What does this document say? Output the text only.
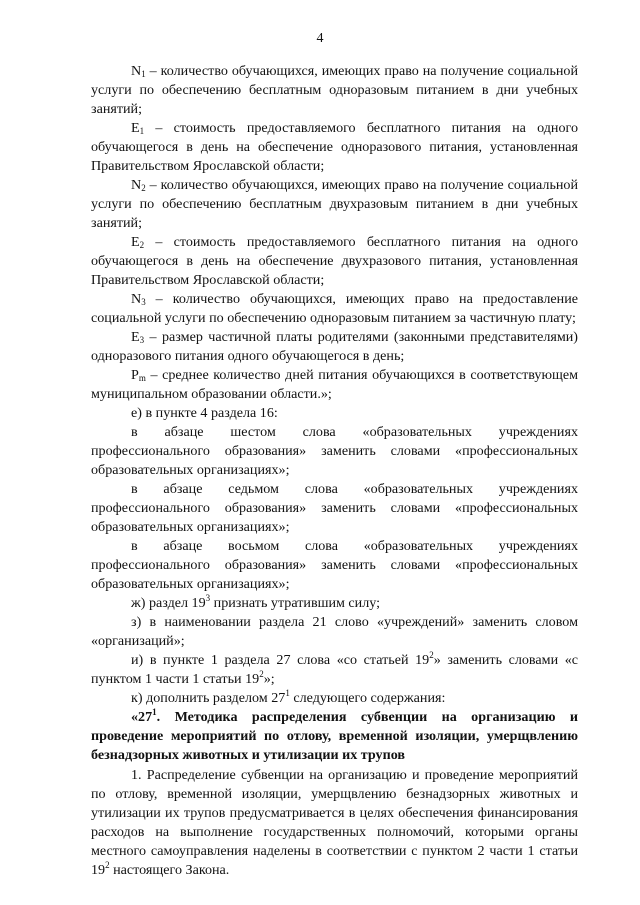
4

$N_1$ – количество обучающихся, имеющих право на получение социальной услуги по обеспечению бесплатным одноразовым питанием в дни учебных занятий;

$E_1$ – стоимость предоставляемого бесплатного питания на одного обучающегося в день на обеспечение одноразового питания, установленная Правительством Ярославской области;

$N_2$ – количество обучающихся, имеющих право на получение социальной услуги по обеспечению бесплатным двухразовым питанием в дни учебных занятий;

$E_2$ – стоимость предоставляемого бесплатного питания на одного обучающегося в день на обеспечение двухразового питания, установленная Правительством Ярославской области;

$N_3$ – количество обучающихся, имеющих право на предоставление социальной услуги по обеспечению одноразовым питанием за частичную плату;

$E_3$ – размер частичной платы родителями (законными представителями) одноразового питания одного обучающегося в день;

$P_m$ – среднее количество дней питания обучающихся в соответствующем муниципальном образовании области.»;

е) в пункте 4 раздела 16:

в абзаце шестом слова «образовательных учреждениях профессионального образования» заменить словами «профессиональных образовательных организациях»;

в абзаце седьмом слова «образовательных учреждениях профессионального образования» заменить словами «профессиональных образовательных организациях»;

в абзаце восьмом слова «образовательных учреждениях профессионального образования» заменить словами «профессиональных образовательных организациях»;

ж) раздел $19^3$ признать утратившим силу;

з) в наименовании раздела 21 слово «учреждений» заменить словом «организаций»;

и) в пункте 1 раздела 27 слова «со статьей $19^2$» заменить словами «с пунктом 1 части 1 статьи $19^2$»;

к) дополнить разделом $27^1$ следующего содержания:

«$27^1$. Методика распределения субвенции на организацию и проведение мероприятий по отлову, временной изоляции, умерщвлению безнадзорных животных и утилизации их трупов

1. Распределение субвенции на организацию и проведение мероприятий по отлову, временной изоляции, умерщвлению безнадзорных животных и утилизации их трупов предусматривается в целях обеспечения финансирования расходов на выполнение государственных полномочий, которыми органы местного самоуправления наделены в соответствии с пунктом 2 части 1 статьи $19^2$ настоящего Закона.
